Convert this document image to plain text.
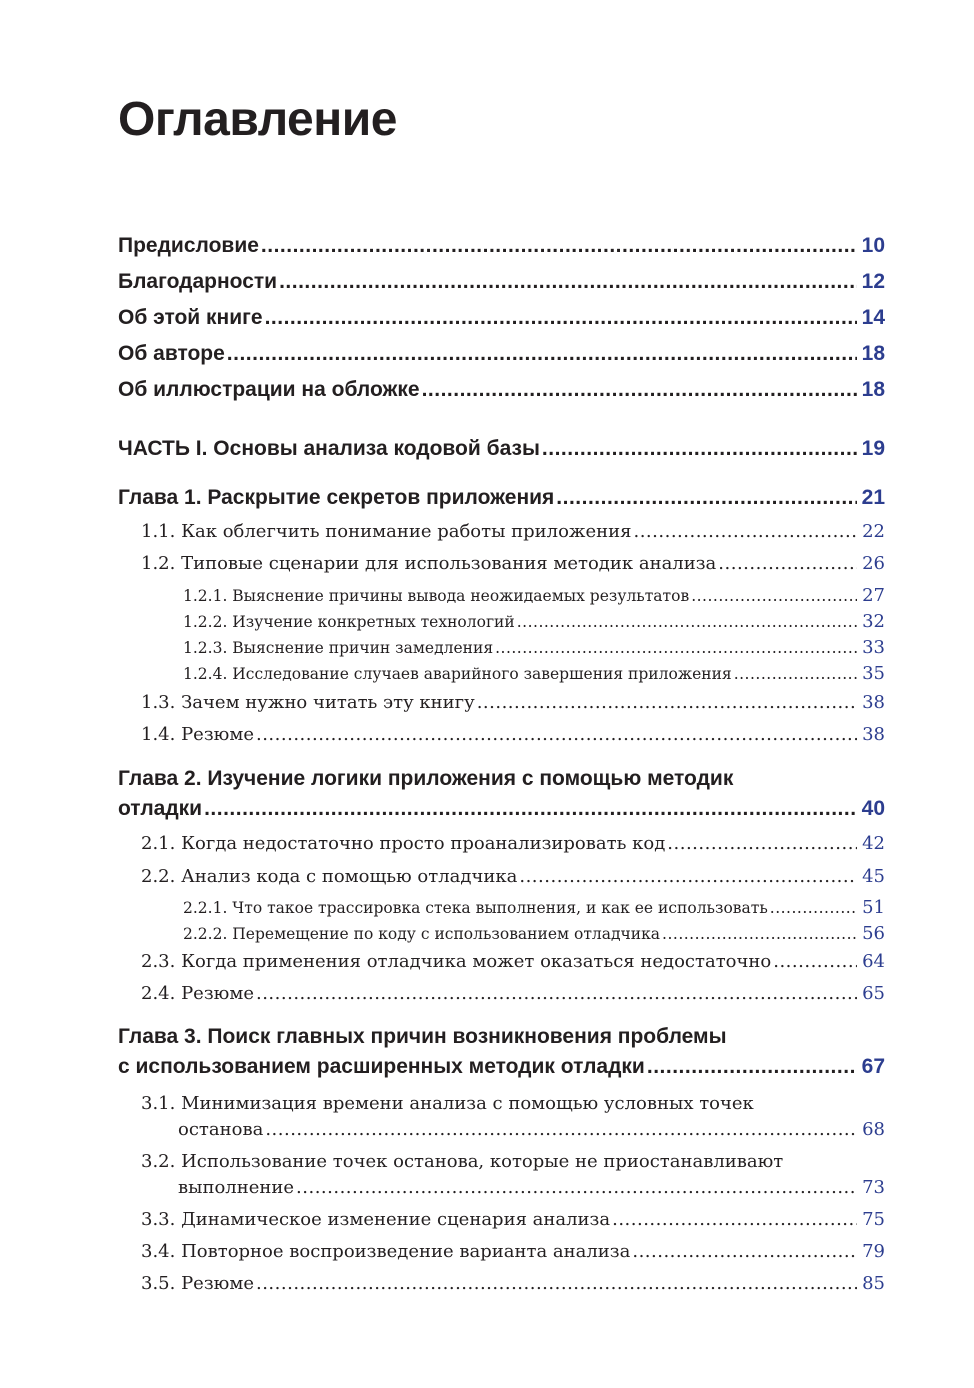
Оглавление
Предисловие .....	10
Благодарности .....	12
Об этой книге .....	14
Об авторе .....	18
Об иллюстрации на обложке .....	18
ЧАСТЬ I. Основы анализа кодовой базы .....	19
Глава 1. Раскрытие секретов приложения .....	21
1.1. Как облегчить понимание работы приложения .....	22
1.2. Типовые сценарии для использования методик анализа .....	26
1.2.1. Выяснение причины вывода неожидаемых результатов .....	27
1.2.2. Изучение конкретных технологий .....	32
1.2.3. Выяснение причин замедления .....	33
1.2.4. Исследование случаев аварийного завершения приложения .....	35
1.3. Зачем нужно читать эту книгу .....	38
1.4. Резюме .....	38
Глава 2. Изучение логики приложения с помощью методик
отладки .....	40
2.1. Когда недостаточно просто проанализировать код .....	42
2.2. Анализ кода с помощью отладчика .....	45
2.2.1. Что такое трассировка стека выполнения, и как ее использовать .....	51
2.2.2. Перемещение по коду с использованием отладчика .....	56
2.3. Когда применения отладчика может оказаться недостаточно .....	64
2.4. Резюме .....	65
Глава 3. Поиск главных причин возникновения проблемы
с использованием расширенных методик отладки .....	67
3.1. Минимизация времени анализа с помощью условных точек
останова .....	68
3.2. Использование точек останова, которые не приостанавливают
выполнение .....	73
3.3. Динамическое изменение сценария анализа .....	75
3.4. Повторное воспроизведение варианта анализа .....	79
3.5. Резюме .....	85
